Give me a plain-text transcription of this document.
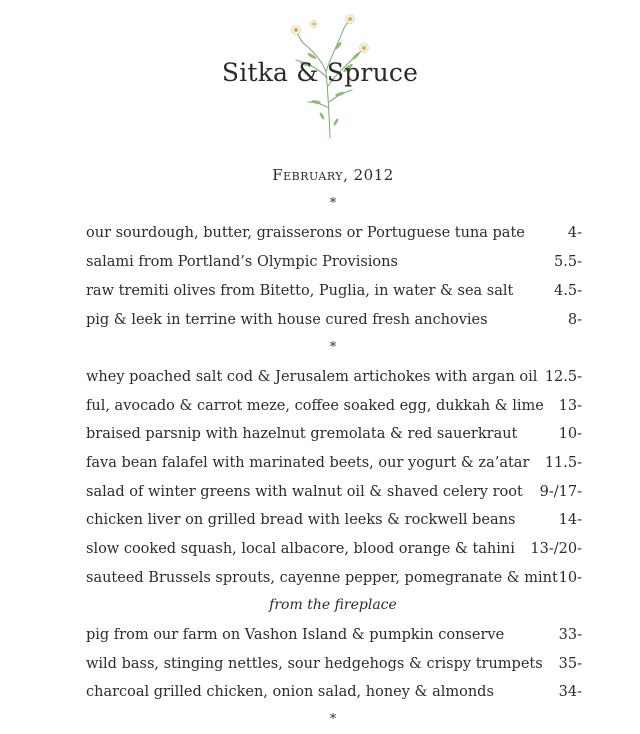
Sitka & Spruce
February, 2012
*
our sourdough, butter, graisserons or Portuguese tuna pate	4-
salami from Portland’s Olympic Provisions	5.5-
raw tremiti olives from Bitetto, Puglia, in water & sea salt	4.5-
pig & leek in terrine with house cured fresh anchovies	8-
*
whey poached salt cod & Jerusalem artichokes with argan oil 12.5-
ful, avocado & carrot meze, coffee soaked egg, dukkah & lime 13-
braised parsnip with hazelnut gremolata & red sauerkraut	10-
fava bean falafel with marinated beets, our yogurt & za’atar 11.5-
salad of winter greens with walnut oil & shaved celery root 9-/17-
chicken liver on grilled bread with leeks & rockwell beans	14-
slow cooked squash, local albacore, blood orange & tahini 13-/20-
sauteed Brussels sprouts, cayenne pepper, pomegranate & mint 10-
from the fireplace
pig from our farm on Vashon Island & pumpkin conserve	33-
wild bass, stinging nettles, sour hedgehogs & crispy trumpets 35-
charcoal grilled chicken, onion salad, honey & almonds	34-
*
